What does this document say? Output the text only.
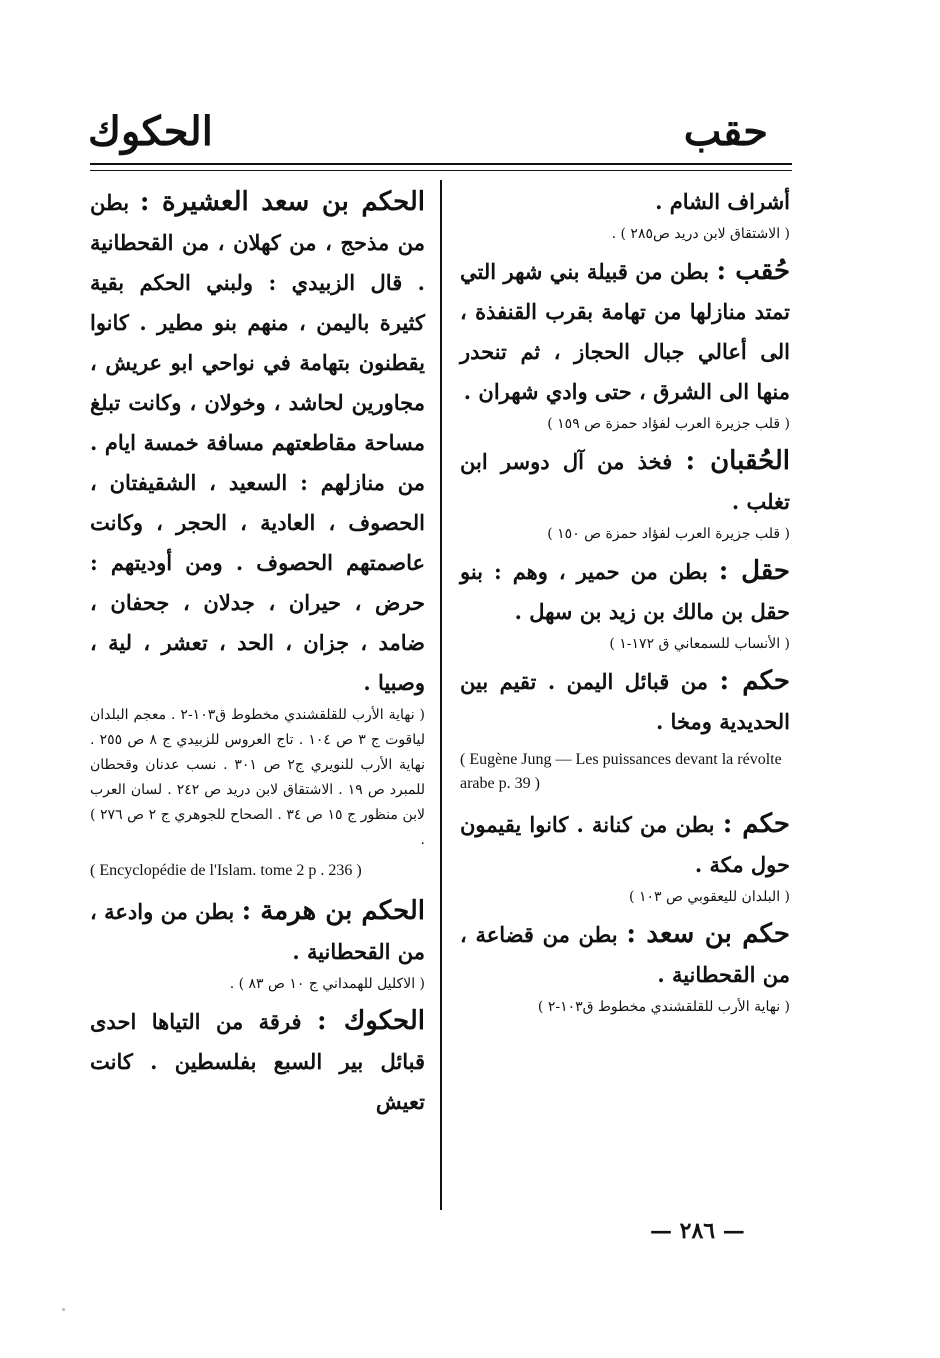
حقب
الحكوك

أشراف الشام .

( الاشتقاق لابن دريد ص٢٨٥ ) .

حُقب : بطن من قبيلة بني شهر التي تمتد منازلها من تهامة بقرب القنفذة ، الى أعالي جبال الحجاز ، ثم تنحدر منها الى الشرق ، حتى وادي شهران .

( قلب جزيرة العرب لفؤاد حمزة ص ١٥٩ )

الحُقبان : فخذ من آل دوسر ابن تغلب .

( قلب جزيرة العرب لفؤاد حمزة ص ١٥٠ )

حقل : بطن من حمير ، وهم : بنو حقل بن مالك بن زيد بن سهل .

( الأنساب للسمعاني ق ١٧٢-١ )

حكم : من قبائل اليمن . تقيم بين الحديدية ومخا .

( Eugène Jung — Les puissances devant la révolte arabe p. 39 )

حكم : بطن من كنانة . كانوا يقيمون حول مكة .

( البلدان لليعقوبي ص ١٠٣ )

حكم بن سعد : بطن من قضاعة ، من القحطانية .

( نهاية الأرب للقلقشندي مخطوط ق١٠٣-٢ )

الحكم بن سعد العشيرة : بطن من مذحج ، من كهلان ، من القحطانية . قال الزبيدي : ولبني الحكم بقية كثيرة باليمن ، منهم بنو مطير . كانوا يقطنون بتهامة في نواحي ابو عريش ، مجاورين لحاشد ، وخولان ، وكانت تبلغ مساحة مقاطعتهم مسافة خمسة ايام . من منازلهم : السعيد ، الشقيفتان ، الحصوف ، العادية ، الحجر ، وكانت عاصمتهم الحصوف . ومن أوديتهم : حرض ، حيران ، جدلان ، جحفان ، ضامد ، جزان ، الحد ، تعشر ، لية ، وصبيا .

( نهاية الأرب للقلقشندي مخطوط ق١٠٣-٢ . معجم البلدان لياقوت ج ٣ ص ١٠٤ . تاج العروس للزبيدي ج ٨ ص ٢٥٥ . نهاية الأرب للنويري ج٢ ص ٣٠١ . نسب عدنان وقحطان للمبرد ص ١٩ . الاشتقاق لابن دريد ص ٢٤٢ . لسان العرب لابن منظور ج ١٥ ص ٣٤ . الصحاح للجوهري ج ٢ ص ٢٧٦ ) .

( Encyclopédie de l'Islam. tome 2 p . 236 )

الحكم بن هرمة : بطن من وادعة ، من القحطانية .

( الاكليل للهمداني ج ١٠ ص ٨٣ ) .

الحكوك : فرقة من التياها احدى قبائل بير السبع بفلسطين . كانت تعيش

— ٢٨٦ —
